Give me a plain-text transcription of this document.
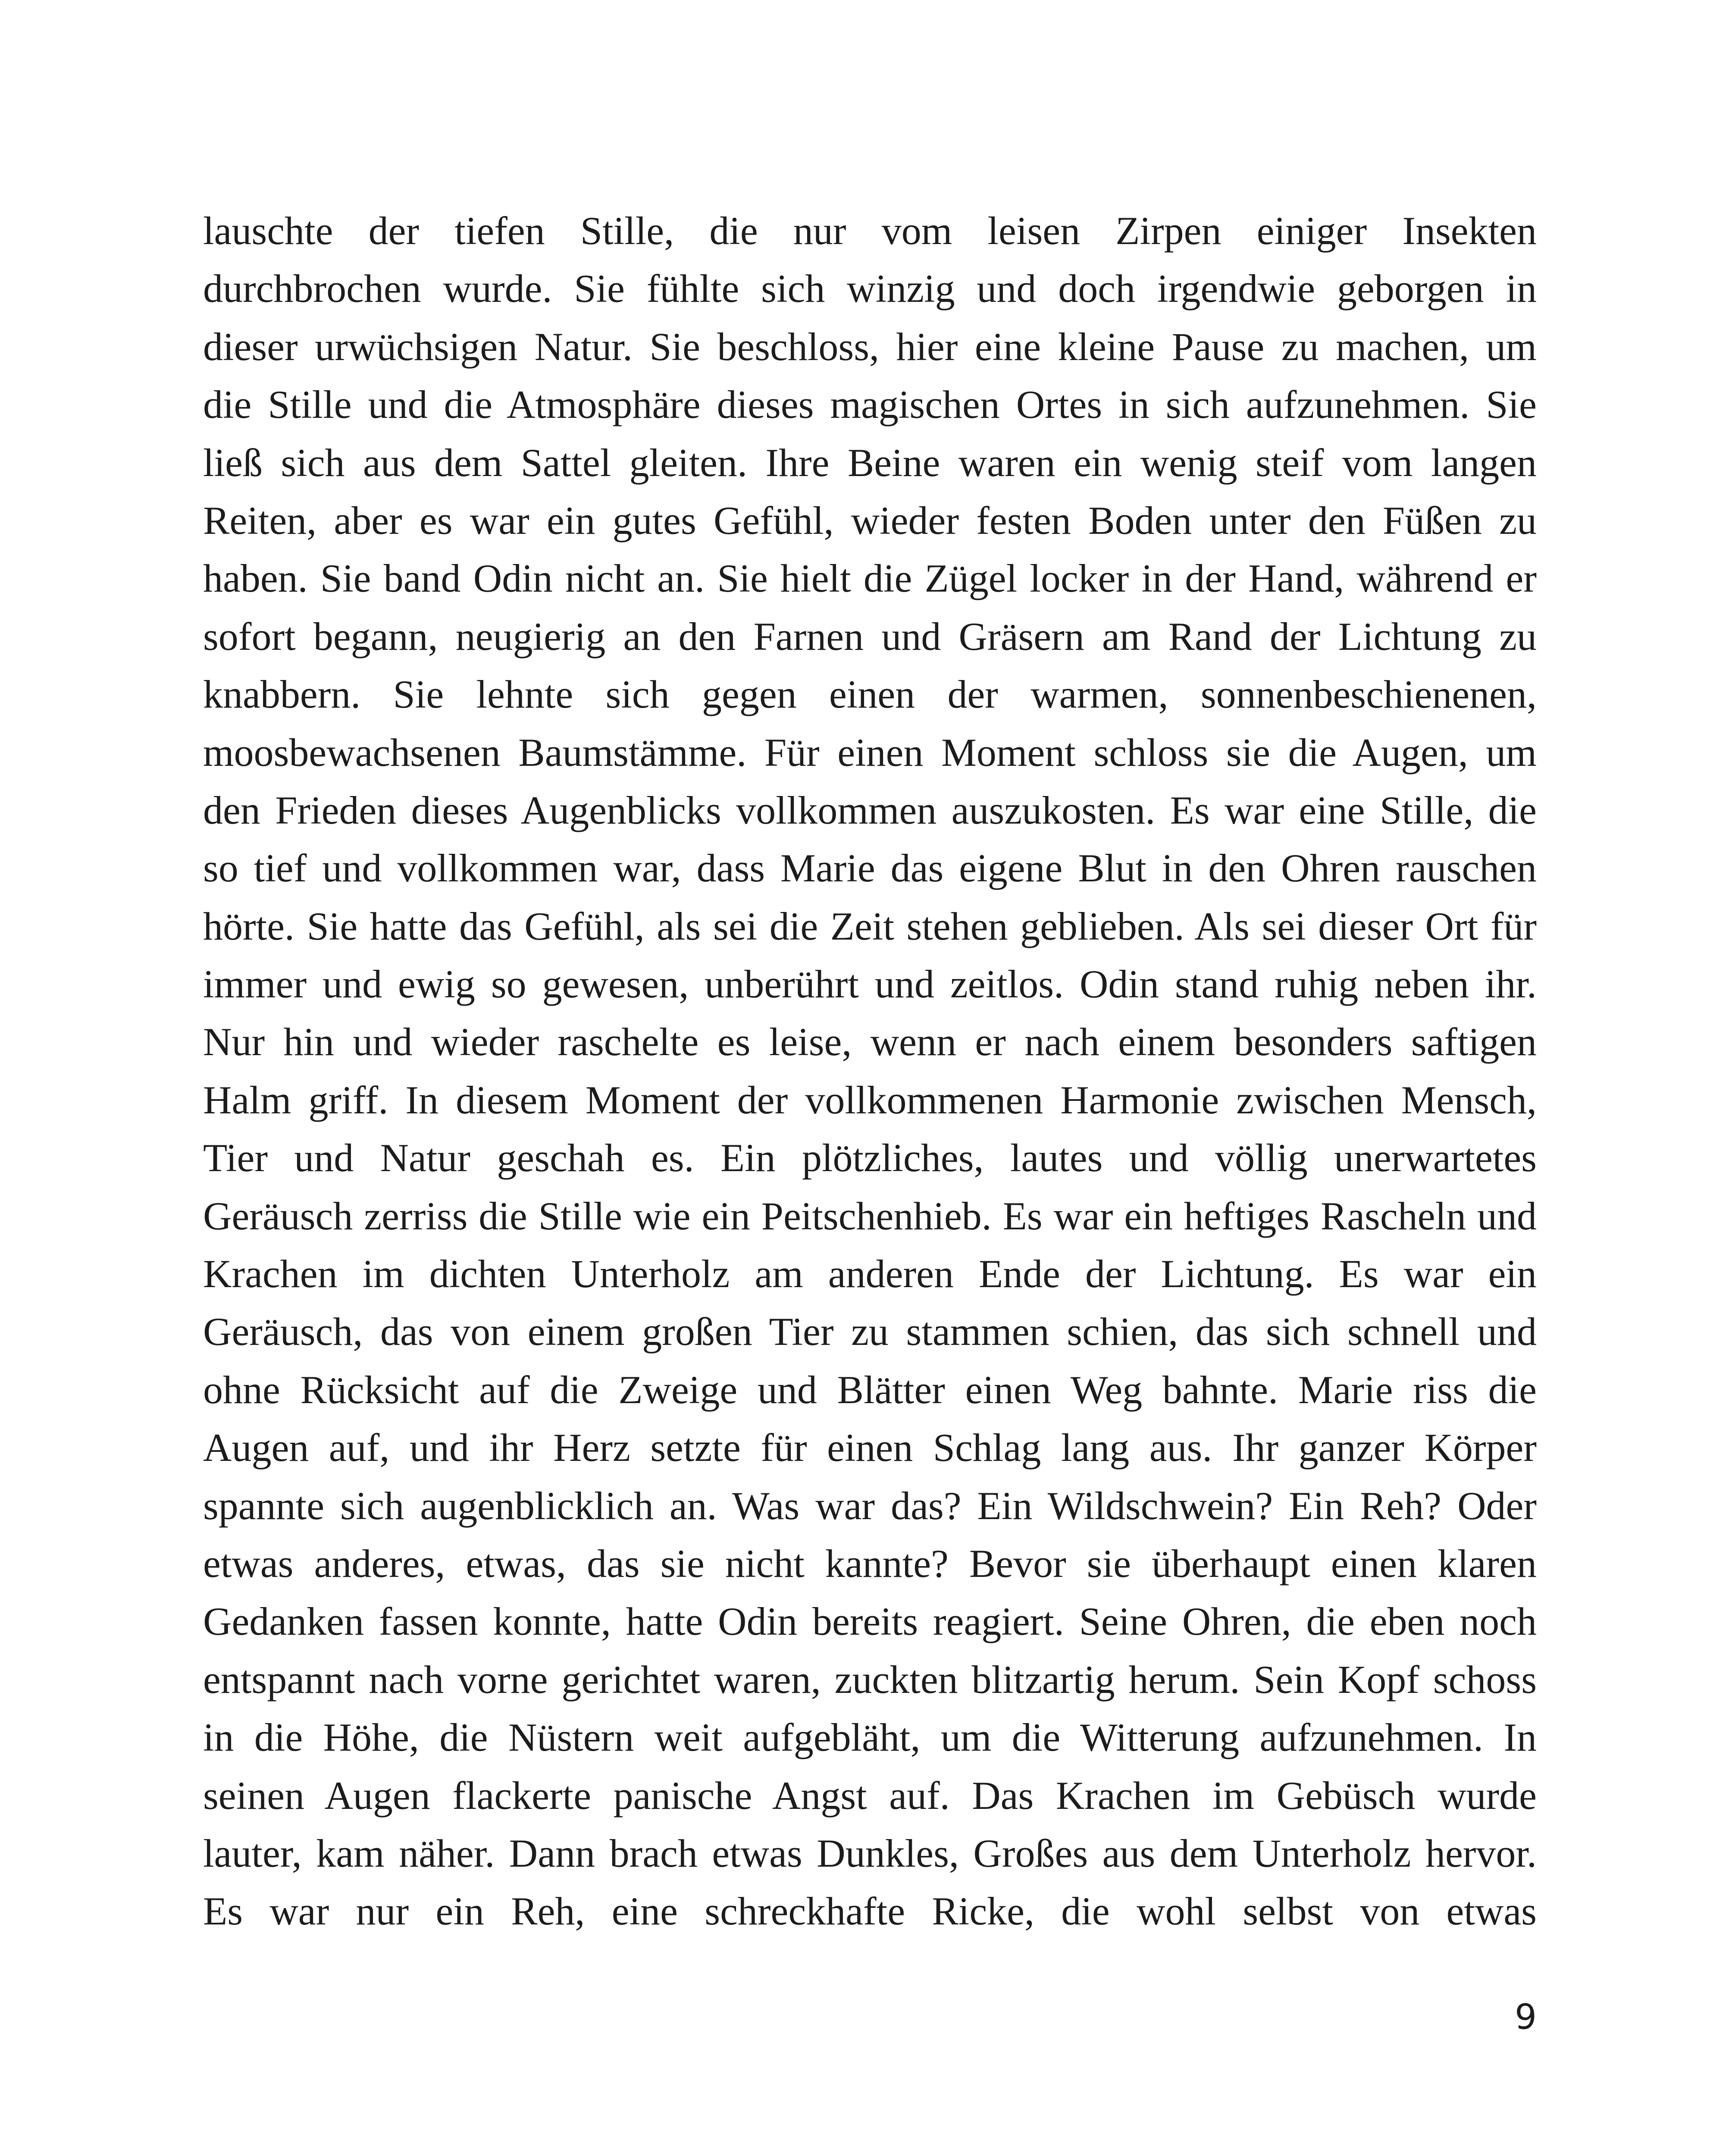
lauschte der tiefen Stille, die nur vom leisen Zirpen einiger Insekten
durchbrochen wurde. Sie fühlte sich winzig und doch irgendwie geborgen in
dieser urwüchsigen Natur. Sie beschloss, hier eine kleine Pause zu machen, um
die Stille und die Atmosphäre dieses magischen Ortes in sich aufzunehmen. Sie
ließ sich aus dem Sattel gleiten. Ihre Beine waren ein wenig steif vom langen
Reiten, aber es war ein gutes Gefühl, wieder festen Boden unter den Füßen zu
haben. Sie band Odin nicht an. Sie hielt die Zügel locker in der Hand, während er
sofort begann, neugierig an den Farnen und Gräsern am Rand der Lichtung zu
knabbern. Sie lehnte sich gegen einen der warmen, sonnenbeschienenen,
moosbewachsenen Baumstämme. Für einen Moment schloss sie die Augen, um
den Frieden dieses Augenblicks vollkommen auszukosten. Es war eine Stille, die
so tief und vollkommen war, dass Marie das eigene Blut in den Ohren rauschen
hörte. Sie hatte das Gefühl, als sei die Zeit stehen geblieben. Als sei dieser Ort für
immer und ewig so gewesen, unberührt und zeitlos. Odin stand ruhig neben ihr.
Nur hin und wieder raschelte es leise, wenn er nach einem besonders saftigen
Halm griff. In diesem Moment der vollkommenen Harmonie zwischen Mensch,
Tier und Natur geschah es. Ein plötzliches, lautes und völlig unerwartetes
Geräusch zerriss die Stille wie ein Peitschenhieb. Es war ein heftiges Rascheln und
Krachen im dichten Unterholz am anderen Ende der Lichtung. Es war ein
Geräusch, das von einem großen Tier zu stammen schien, das sich schnell und
ohne Rücksicht auf die Zweige und Blätter einen Weg bahnte. Marie riss die
Augen auf, und ihr Herz setzte für einen Schlag lang aus. Ihr ganzer Körper
spannte sich augenblicklich an. Was war das? Ein Wildschwein? Ein Reh? Oder
etwas anderes, etwas, das sie nicht kannte? Bevor sie überhaupt einen klaren
Gedanken fassen konnte, hatte Odin bereits reagiert. Seine Ohren, die eben noch
entspannt nach vorne gerichtet waren, zuckten blitzartig herum. Sein Kopf schoss
in die Höhe, die Nüstern weit aufgebläht, um die Witterung aufzunehmen. In
seinen Augen flackerte panische Angst auf. Das Krachen im Gebüsch wurde
lauter, kam näher. Dann brach etwas Dunkles, Großes aus dem Unterholz hervor.
Es war nur ein Reh, eine schreckhafte Ricke, die wohl selbst von etwas
9
